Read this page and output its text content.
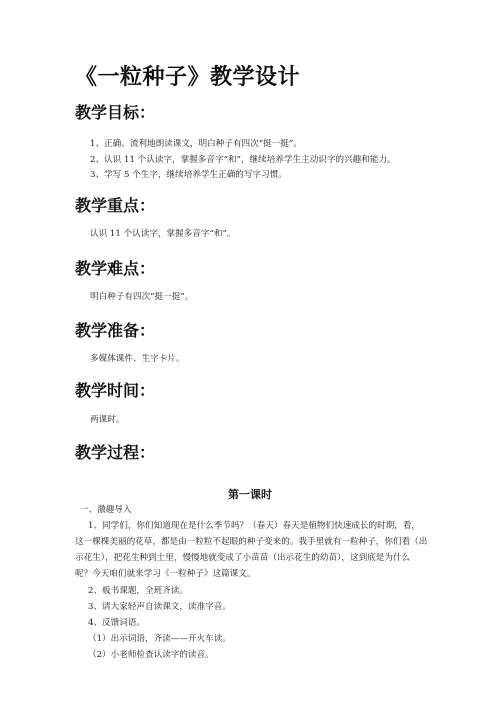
《一粒种子》教学设计
教学目标：
1、正确、流利地朗读课文，明白种子有四次“挺一挺”。
2、认识 11 个认读字，掌握多音字“和”，继续培养学生主动识字的兴趣和能力。
3、学写 5 个生字，继续培养学生正确的写字习惯。
教学重点：
认识 11 个认读字，掌握多音字“和”。
教学难点：
明白种子有四次“挺一挺”。
教学准备：
多媒体课件、生字卡片。
教学时间：
两课时。
教学过程：
第一课时
一、激趣导入
1、同学们，你们知道现在是什么季节吗？（春天）春天是植物们快速成长的时期，看，
这一棵棵美丽的花草，都是由一粒粒不起眼的种子变来的。我手里就有一粒种子，你们看（出
示花生），把花生种到土里，慢慢地就变成了小苗苗（出示花生的幼苗），这到底是为什么
呢？今天咱们就来学习《一粒种子》这篇课文。
2、板书课题，全班齐读。
3、请大家轻声自读课文，读准字音。
4、反馈词语。
（1）出示词语，齐读——开火车读。
（2）小老师检查认读字的读音。
